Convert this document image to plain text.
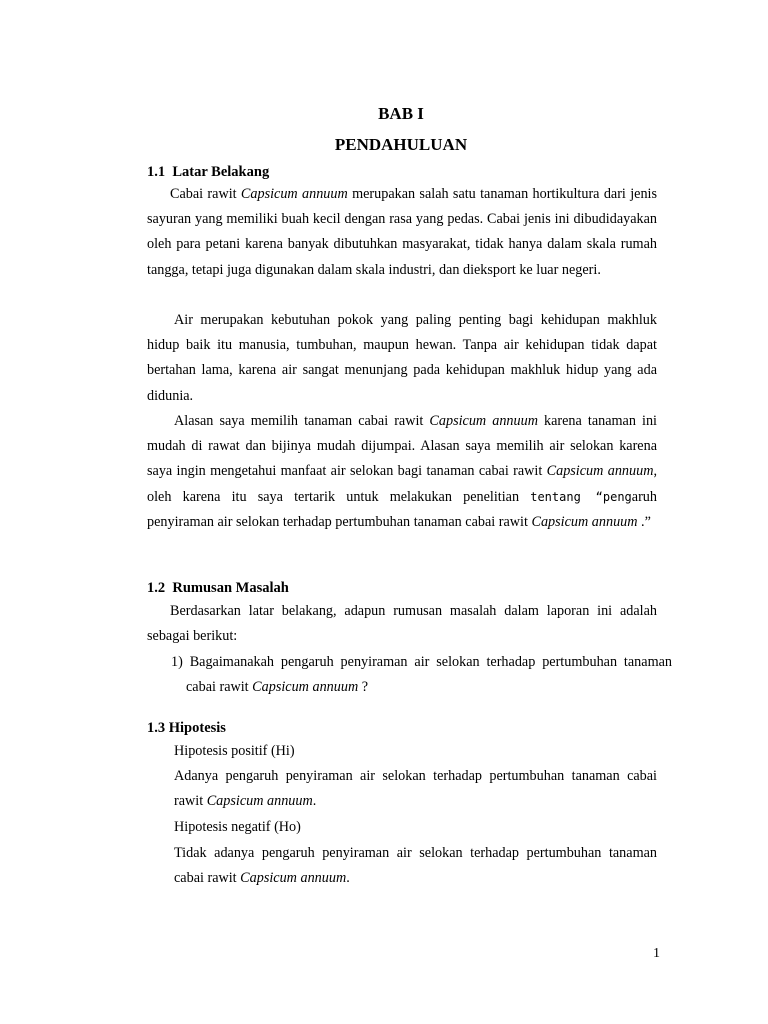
BAB I
PENDAHULUAN
1.1  Latar Belakang

Cabai rawit Capsicum annuum merupakan salah satu tanaman hortikultura dari jenis sayuran yang memiliki buah kecil dengan rasa yang pedas. Cabai jenis ini dibudidayakan oleh para petani karena banyak dibutuhkan masyarakat, tidak hanya dalam skala rumah tangga, tetapi juga digunakan dalam skala industri, dan dieksport ke luar negeri.

Air merupakan kebutuhan pokok yang paling penting bagi kehidupan makhluk hidup baik itu manusia, tumbuhan, maupun hewan. Tanpa air kehidupan tidak dapat bertahan lama, karena air sangat menunjang pada kehidupan makhluk hidup yang ada didunia.

Alasan saya memilih tanaman cabai rawit Capsicum annuum karena tanaman ini mudah di rawat dan bijinya mudah dijumpai. Alasan saya memilih air selokan karena saya ingin mengetahui manfaat air selokan bagi tanaman cabai rawit Capsicum annuum, oleh karena itu saya tertarik untuk melakukan penelitian tentang “pengaruh penyiraman air selokan terhadap pertumbuhan tanaman cabai rawit Capsicum annuum .”

1.2  Rumusan Masalah

Berdasarkan latar belakang, adapun rumusan masalah dalam laporan ini adalah sebagai berikut:

1) Bagaimanakah pengaruh penyiraman air selokan terhadap pertumbuhan tanaman cabai rawit Capsicum annuum ?

1.3 Hipotesis

Hipotesis positif (Hi)

Adanya pengaruh penyiraman air selokan terhadap pertumbuhan tanaman cabai rawit Capsicum annuum.

Hipotesis negatif (Ho)

Tidak adanya pengaruh penyiraman air selokan terhadap pertumbuhan tanaman cabai rawit Capsicum annuum.

1
